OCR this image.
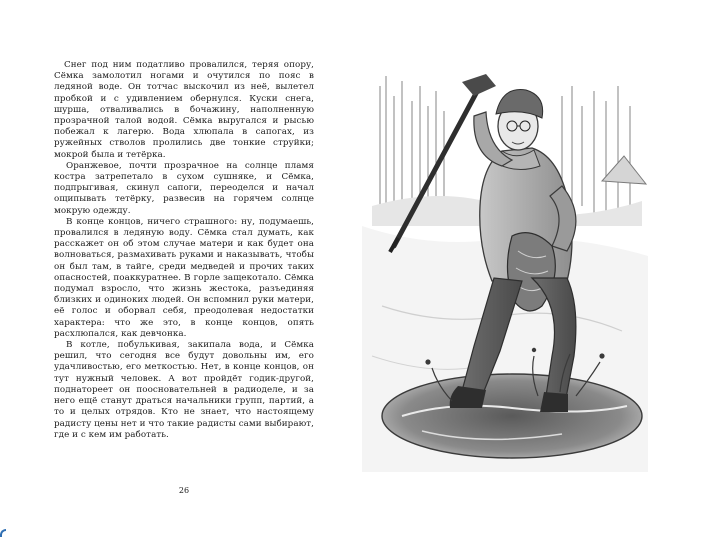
Снег под ним податливо провалился, теряя опору, Сёмка замолотил ногами и очутился по пояс в ледяной воде. Он тотчас выскочил из неё, вылетел пробкой и с удивлением обернулся. Куски снега, шурша, отваливались в бочажину, наполненную прозрачной талой водой. Сёмка выругался и рысью побежал к лагерю. Вода хлюпала в сапогах, из ружейных стволов пролились две тонкие струйки; мокрой была и тетёрка.

Оранжевое, почти прозрачное на солнце пламя костра затрепетало в сухом сушняке, и Сёмка, подпрыгивая, скинул сапоги, переоделся и начал ощипывать тетёрку, развесив на горячем солнце мокрую одежду.

В конце концов, ничего страшного: ну, подумаешь, провалился в ледяную воду. Сёмка стал думать, как расскажет он об этом случае матери и как будет она волноваться, размахивать руками и наказывать, чтобы он был там, в тайге, среди медведей и прочих таких опасностей, поаккуратнее. В горле защекотало. Сёмка подумал взросло, что жизнь жестока, разъединяя близких и одиноких людей. Он вспомнил руки матери, её голос и оборвал себя, преодолевая недостатки характера: что же это, в конце концов, опять расхлюпался, как девчонка.

В котле, побулькивая, закипала вода, и Сёмка решил, что сегодня все будут довольны им, его удачливостью, его меткостью. Нет, в конце концов, он тут нужный человек. А вот пройдёт годик-другой, поднатореет он поосновательней в радиоделе, и за него ещё станут драться начальники групп, партий, а то и целых отрядов. Кто не знает, что настоящему радисту цены нет и что такие радисты сами выбирают, где и с кем им работать.

26
